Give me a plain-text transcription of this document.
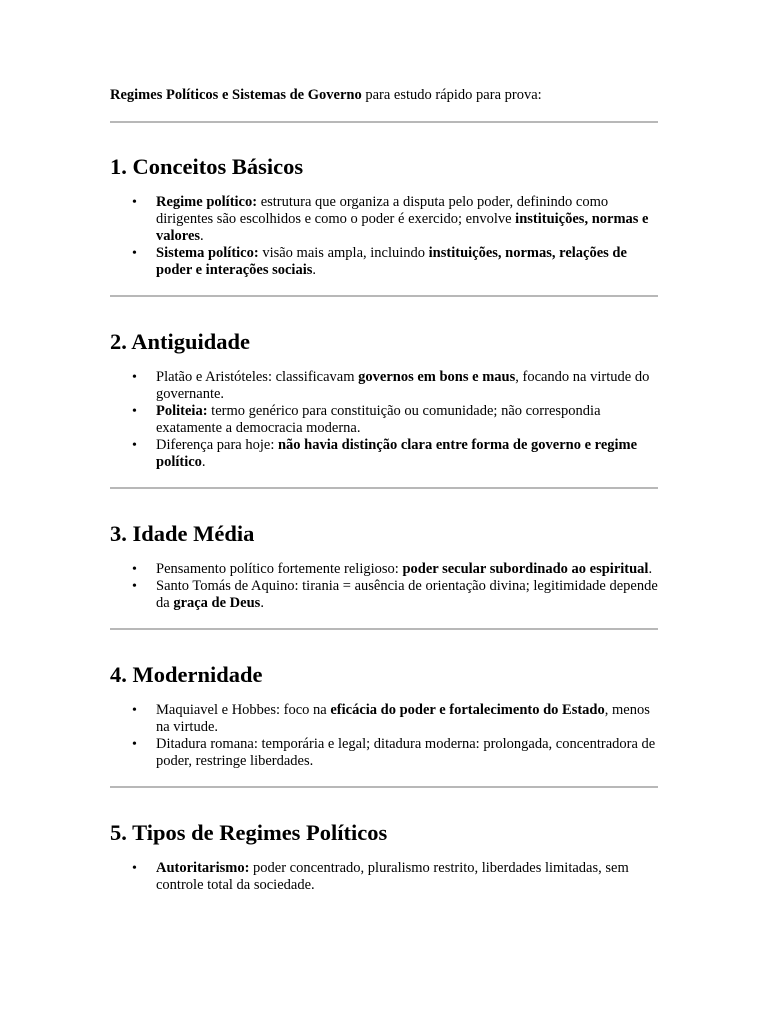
Regimes Políticos e Sistemas de Governo para estudo rápido para prova:

1. Conceitos Básicos
• Regime político: estrutura que organiza a disputa pelo poder, definindo como dirigentes são escolhidos e como o poder é exercido; envolve instituições, normas e valores.
• Sistema político: visão mais ampla, incluindo instituições, normas, relações de poder e interações sociais.
2. Antiguidade
• Platão e Aristóteles: classificavam governos em bons e maus, focando na virtude do governante.
• Politeia: termo genérico para constituição ou comunidade; não correspondia exatamente a democracia moderna.
• Diferença para hoje: não havia distinção clara entre forma de governo e regime político.
3. Idade Média
• Pensamento político fortemente religioso: poder secular subordinado ao espiritual.
• Santo Tomás de Aquino: tirania = ausência de orientação divina; legitimidade depende da graça de Deus.
4. Modernidade
• Maquiavel e Hobbes: foco na eficácia do poder e fortalecimento do Estado, menos na virtude.
• Ditadura romana: temporária e legal; ditadura moderna: prolongada, concentradora de poder, restringe liberdades.
5. Tipos de Regimes Políticos
• Autoritarismo: poder concentrado, pluralismo restrito, liberdades limitadas, sem controle total da sociedade.
